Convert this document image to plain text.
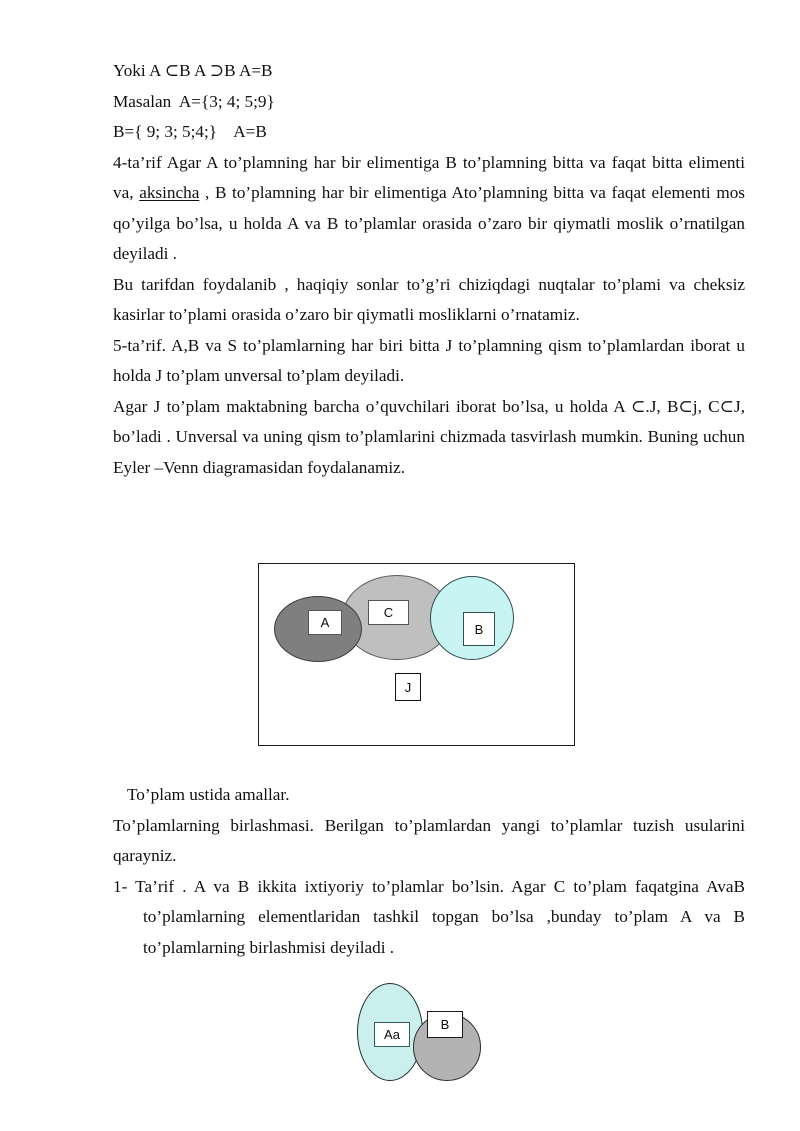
Yoki A ⊂B A ⊃B A=B
Masalan  A={3; 4; 5;9}
B={ 9; 3; 5;4;}    A=B

4-ta’rif Agar A to’plamning har bir elimentiga B to’plamning bitta va faqat bitta elimenti va, aksincha , B to’plamning har bir elimentiga Ato’plamning bitta va faqat elementi mos qo’yilga bo’lsa, u holda A va B to’plamlar orasida o’zaro bir qiymatli moslik o’rnatilgan deyiladi .

Bu tarifdan foydalanib , haqiqiy sonlar to’g’ri chiziqdagi nuqtalar to’plami va cheksiz kasirlar to’plami orasida o’zaro bir qiymatli mosliklarni o’rnatamiz.

5-ta’rif. A,B va S to’plamlarning har biri bitta J to’plamning qism to’plamlardan iborat u holda J to’plam unversal to’plam deyiladi.

Agar J to’plam maktabning barcha o’quvchilari iborat bo’lsa, u holda A ⊂.J, B⊂j, C⊂J, bo’ladi . Unversal va uning qism to’plamlarini chizmada tasvirlash mumkin. Buning uchun Eyler –Venn diagramasidan foydalanamiz.

A
C
B
J
To’plam ustida amallar.

To’plamlarning birlashmasi. Berilgan to’plamlardan yangi to’plamlar tuzish usularini qarayniz.

1- Ta’rif . A va B ikkita ixtiyoriy to’plamlar bo’lsin. Agar C to’plam faqatgina AvaB to’plamlarning elementlaridan tashkil topgan bo’lsa ,bunday to’plam A va B to’plamlarning birlashmisi deyiladi .

Aa
B
